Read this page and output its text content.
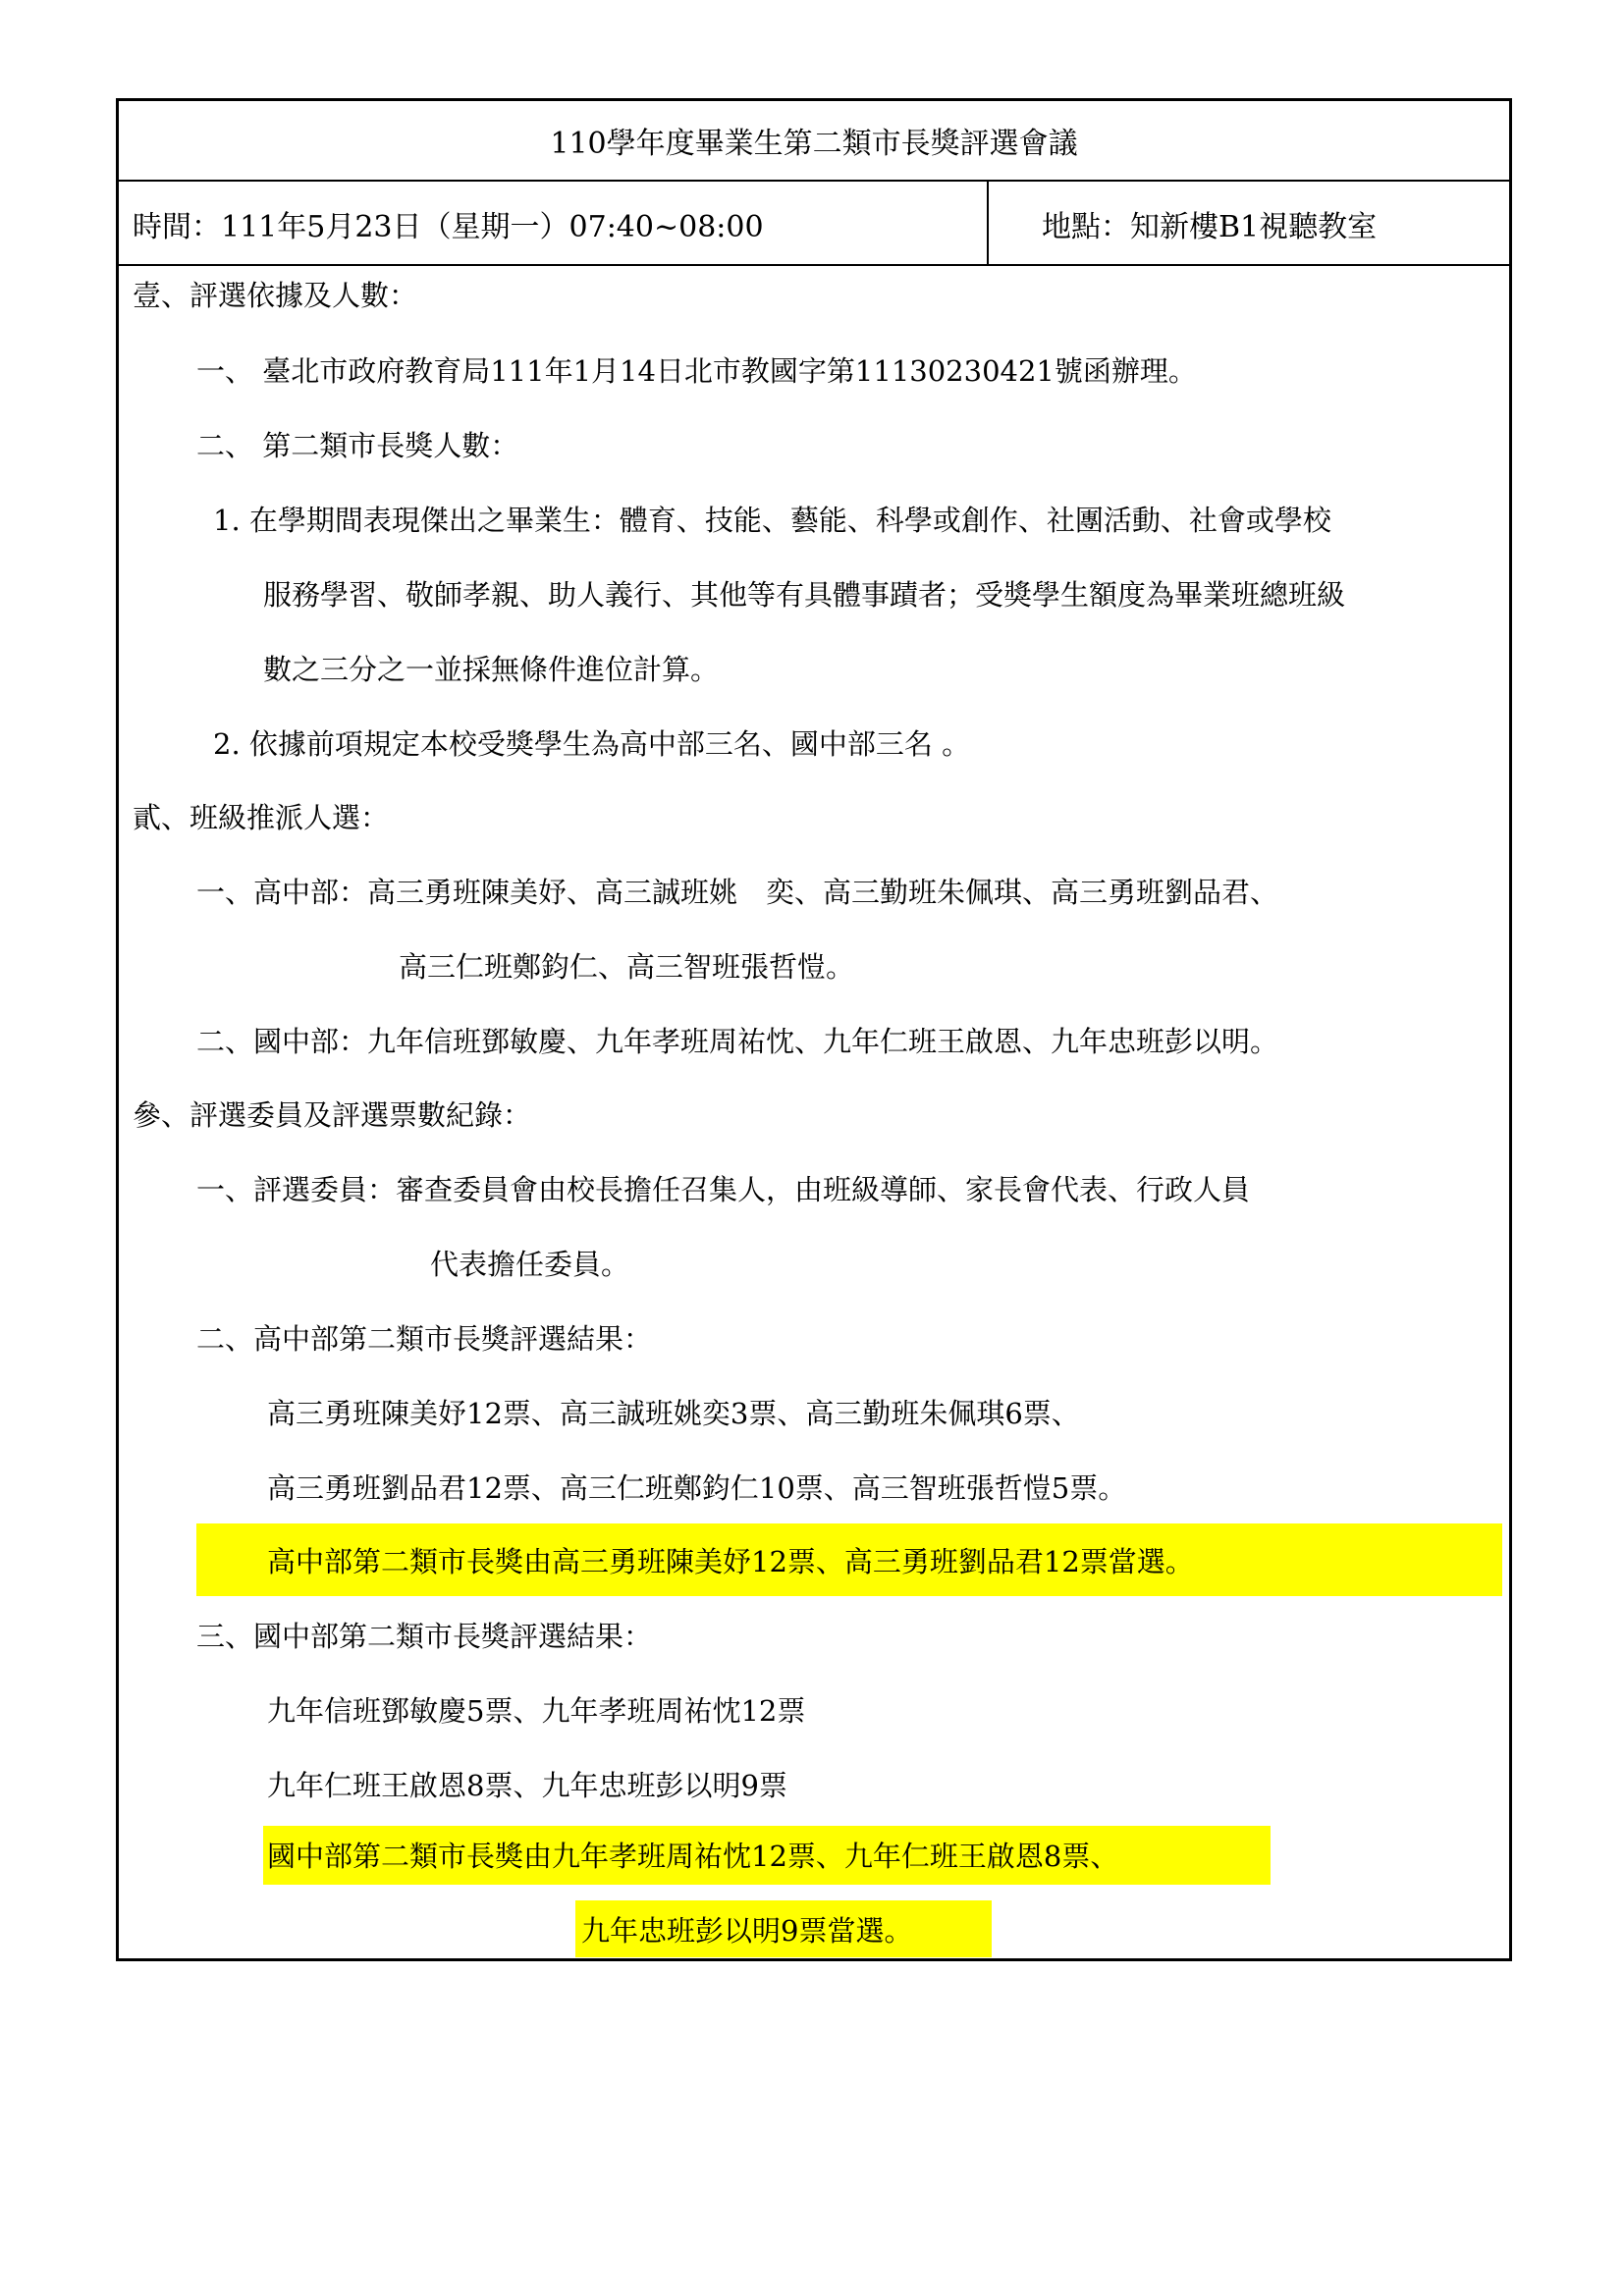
110學年度畢業生第二類市長獎評選會議
時間：111年5月23日（星期一）07:40~08:00	地點：知新樓B1視聽教室
壹、評選依據及人數：
一、 臺北市政府教育局111年1月14日北市教國字第11130230421號函辦理。
二、 第二類市長獎人數：
1. 在學期間表現傑出之畢業生：體育、技能、藝能、科學或創作、社團活動、社會或學校
服務學習、敬師孝親、助人義行、其他等有具體事蹟者；受獎學生額度為畢業班總班級
數之三分之一並採無條件進位計算。
2. 依據前項規定本校受獎學生為高中部三名、國中部三名 。
貳、班級推派人選：
一、高中部：高三勇班陳美妤、高三誠班姚　奕、高三勤班朱佩琪、高三勇班劉品君、
高三仁班鄭鈞仁、高三智班張哲愷。
二、國中部：九年信班鄧敏慶、九年孝班周祐忱、九年仁班王啟恩、九年忠班彭以明。
參、評選委員及評選票數紀錄：
一、評選委員：審查委員會由校長擔任召集人，由班級導師、家長會代表、行政人員
代表擔任委員。
二、高中部第二類市長獎評選結果：
高三勇班陳美妤12票、高三誠班姚奕3票、高三勤班朱佩琪6票、
高三勇班劉品君12票、高三仁班鄭鈞仁10票、高三智班張哲愷5票。
高中部第二類市長獎由高三勇班陳美妤12票、高三勇班劉品君12票當選。
三、國中部第二類市長獎評選結果：
九年信班鄧敏慶5票、九年孝班周祐忱12票
九年仁班王啟恩8票、九年忠班彭以明9票
國中部第二類市長獎由九年孝班周祐忱12票、九年仁班王啟恩8票、
九年忠班彭以明9票當選。
